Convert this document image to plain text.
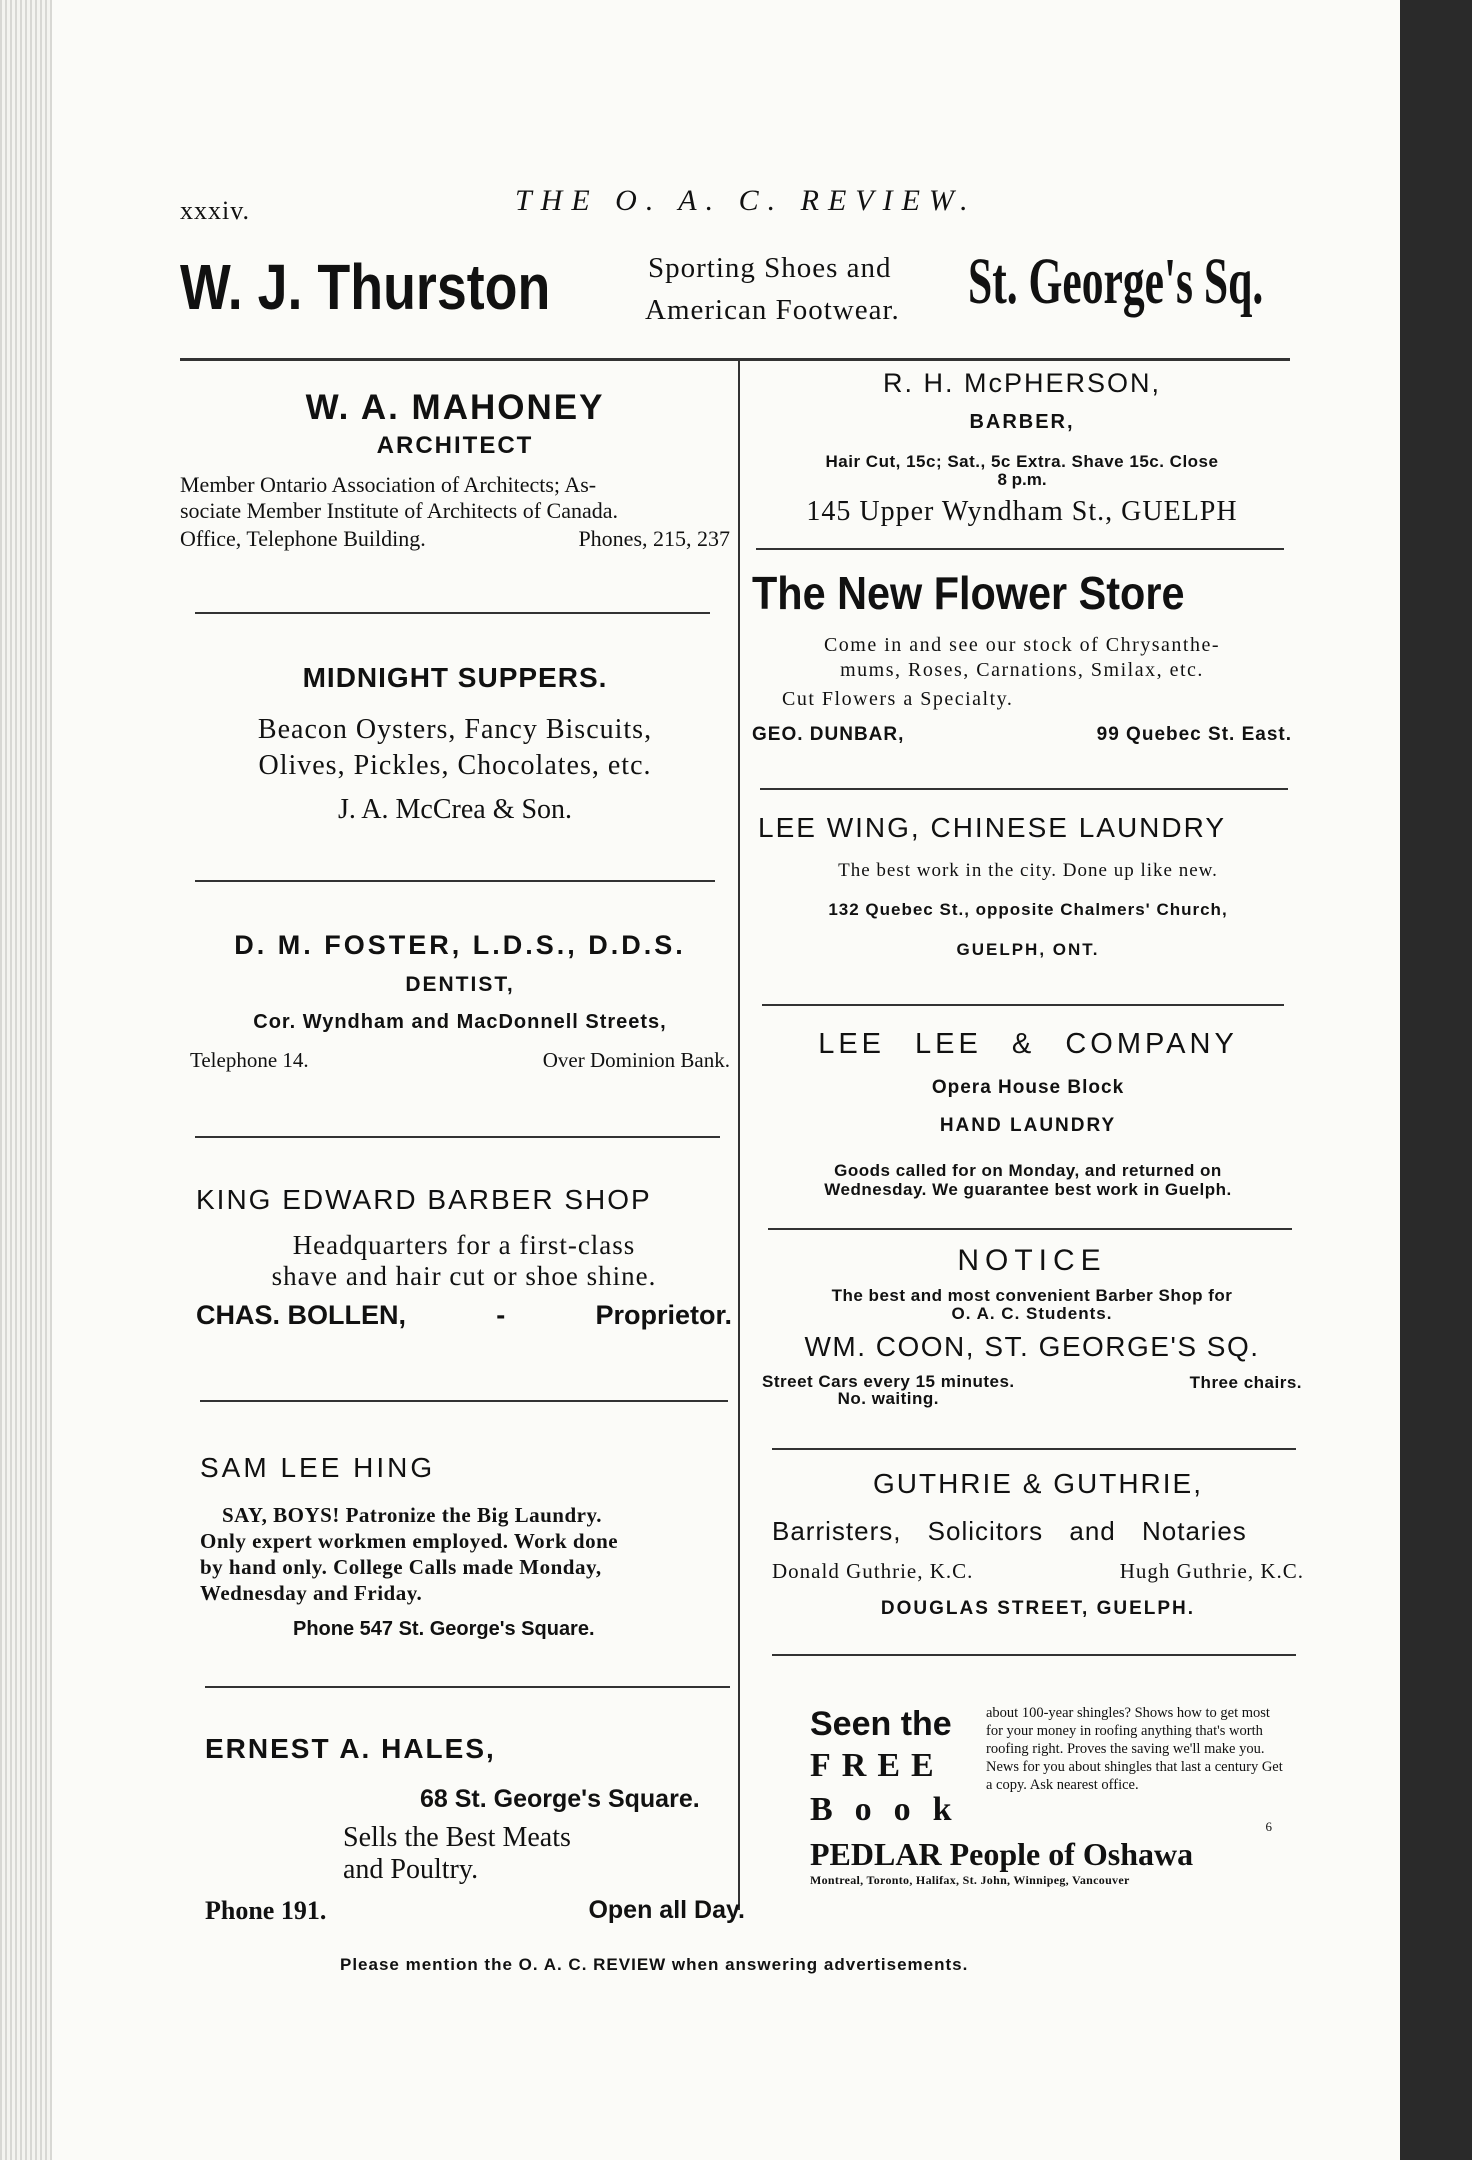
xxxiv.	THE O. A. C. REVIEW.
W. J. Thurston	Sporting Shoes and
American Footwear. St. George's Sq.
W. A. MAHONEY
ARCHITECT
Member Ontario Association of Architects; As-
sociate Member Institute of Architects of Canada.
Office, Telephone Building.	Phones, 215, 237
MIDNIGHT SUPPERS.
Beacon Oysters, Fancy Biscuits,
Olives, Pickles, Chocolates, etc.
J. A. McCrea & Son.
D. M. FOSTER, L.D.S., D.D.S.
DENTIST,
Cor. Wyndham and MacDonnell Streets,
Telephone 14.	Over Dominion Bank.
KING EDWARD BARBER SHOP
Headquarters for a first-class
shave and hair cut or shoe shine.
CHAS. BOLLEN,	-	Proprietor.
SAM LEE HING
SAY, BOYS! Patronize the Big Laundry.
Only expert workmen employed. Work done
by hand only. College Calls made Monday,
Wednesday and Friday.
Phone 547 St. George's Square.
ERNEST A. HALES,
68 St. George's Square.
Sells the Best Meats
and Poultry.
Phone 191.	Open all Day.
R. H. McPHERSON,
BARBER,
Hair Cut, 15c; Sat., 5c Extra. Shave 15c. Close
8 p.m.
145 Upper Wyndham St., GUELPH
The New Flower Store
Come in and see our stock of Chrysanthe-
mums, Roses, Carnations, Smilax, etc.
Cut Flowers a Specialty.
GEO. DUNBAR,	99 Quebec St. East.
LEE WING, CHINESE LAUNDRY
The best work in the city. Done up like new.
132 Quebec St., opposite Chalmers' Church,
GUELPH, ONT.
LEE LEE & COMPANY
Opera House Block
HAND LAUNDRY
Goods called for on Monday, and returned on
Wednesday. We guarantee best work in Guelph.
NOTICE
The best and most convenient Barber Shop for
O. A. C. Students.
WM. COON, ST. GEORGE'S SQ.
Street Cars every 15 minutes.
No. waiting.
Three chairs.
GUTHRIE & GUTHRIE,
Barristers, Solicitors and Notaries
Donald Guthrie, K.C.	Hugh Guthrie, K.C.
DOUGLAS STREET, GUELPH.
Seen the
FREE
Book
about 100-year shingles? Shows how to get most for your money in roofing anything that's worth roofing right. Proves the saving we'll make you. News for you about shingles that last a century Get a copy. Ask nearest office.
6
PEDLAR People of Oshawa
Montreal, Toronto, Halifax, St. John, Winnipeg, Vancouver
Please mention the O. A. C. REVIEW when answering advertisements.
